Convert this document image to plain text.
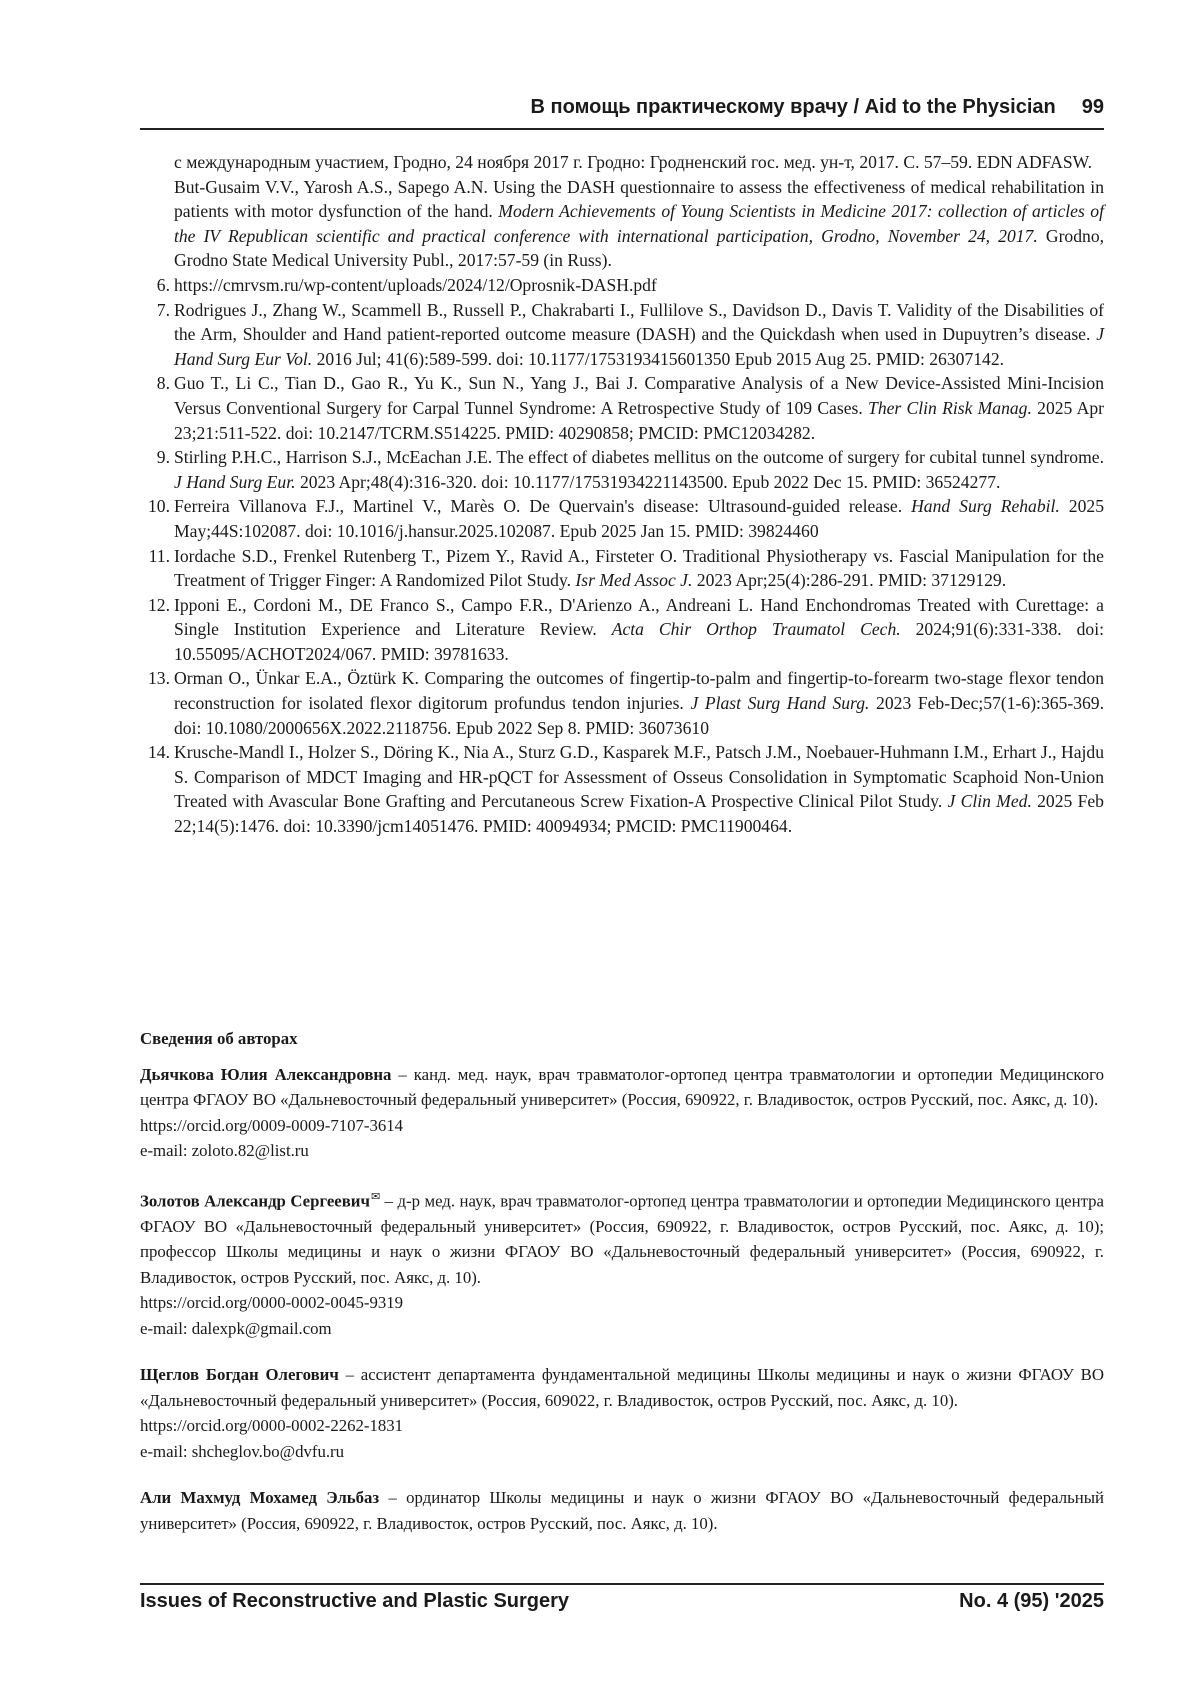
В помощь практическому врачу / Aid to the Physician 99
с международным участием, Гродно, 24 ноября 2017 г. Гродно: Гродненский гос. мед. ун-т, 2017. С. 57–59. EDN ADFASW.
But-Gusaim V.V., Yarosh A.S., Sapego A.N. Using the DASH questionnaire to assess the effectiveness of medical rehabilitation in patients with motor dysfunction of the hand. Modern Achievements of Young Scientists in Medicine 2017: collection of articles of the IV Republican scientific and practical conference with international participation, Grodno, November 24, 2017. Grodno, Grodno State Medical University Publ., 2017:57-59 (in Russ).
6. https://cmrvsm.ru/wp-content/uploads/2024/12/Oprosnik-DASH.pdf
7. Rodrigues J., Zhang W., Scammell B., Russell P., Chakrabarti I., Fullilove S., Davidson D., Davis T. Validity of the Disabilities of the Arm, Shoulder and Hand patient-reported outcome measure (DASH) and the Quickdash when used in Dupuytren’s disease. J Hand Surg Eur Vol. 2016 Jul; 41(6):589-599. doi: 10.1177/1753193415601350 Epub 2015 Aug 25. PMID: 26307142.
8. Guo T., Li C., Tian D., Gao R., Yu K., Sun N., Yang J., Bai J. Comparative Analysis of a New Device-Assisted Mini-Incision Versus Conventional Surgery for Carpal Tunnel Syndrome: A Retrospective Study of 109 Cases. Ther Clin Risk Manag. 2025 Apr 23;21:511-522. doi: 10.2147/TCRM.S514225. PMID: 40290858; PMCID: PMC12034282.
9. Stirling P.H.C., Harrison S.J., McEachan J.E. The effect of diabetes mellitus on the outcome of surgery for cubital tunnel syndrome. J Hand Surg Eur. 2023 Apr;48(4):316-320. doi: 10.1177/17531934221143500. Epub 2022 Dec 15. PMID: 36524277.
10. Ferreira Villanova F.J., Martinel V., Marès O. De Quervain's disease: Ultrasound-guided release. Hand Surg Rehabil. 2025 May;44S:102087. doi: 10.1016/j.hansur.2025.102087. Epub 2025 Jan 15. PMID: 39824460
11. Iordache S.D., Frenkel Rutenberg T., Pizem Y., Ravid A., Firsteter O. Traditional Physiotherapy vs. Fascial Manipulation for the Treatment of Trigger Finger: A Randomized Pilot Study. Isr Med Assoc J. 2023 Apr;25(4):286-291. PMID: 37129129.
12. Ipponi E., Cordoni M., DE Franco S., Campo F.R., D'Arienzo A., Andreani L. Hand Enchondromas Treated with Curettage: a Single Institution Experience and Literature Review. Acta Chir Orthop Traumatol Cech. 2024;91(6):331-338. doi: 10.55095/ACHOT2024/067. PMID: 39781633.
13. Orman O., Ünkar E.A., Öztürk K. Comparing the outcomes of fingertip-to-palm and fingertip-to-forearm two-stage flexor tendon reconstruction for isolated flexor digitorum profundus tendon injuries. J Plast Surg Hand Surg. 2023 Feb-Dec;57(1-6):365-369. doi: 10.1080/2000656X.2022.2118756. Epub 2022 Sep 8. PMID: 36073610
14. Krusche-Mandl I., Holzer S., Döring K., Nia A., Sturz G.D., Kasparek M.F., Patsch J.M., Noebauer-Huhmann I.M., Erhart J., Hajdu S. Comparison of MDCT Imaging and HR-pQCT for Assessment of Osseus Consolidation in Symptomatic Scaphoid Non-Union Treated with Avascular Bone Grafting and Percutaneous Screw Fixation-A Prospective Clinical Pilot Study. J Clin Med. 2025 Feb 22;14(5):1476. doi: 10.3390/jcm14051476. PMID: 40094934; PMCID: PMC11900464.
Сведения об авторах
Дьячкова Юлия Александровна – канд. мед. наук, врач травматолог-ортопед центра травматологии и ортопедии Медицинского центра ФГАОУ ВО «Дальневосточный федеральный университет» (Россия, 690922, г. Владивосток, остров Русский, пос. Аякс, д. 10).
https://orcid.org/0009-0009-7107-3614
e-mail: zoloto.82@list.ru
Золотов Александр Сергеевич✉ – д-р мед. наук, врач травматолог-ортопед центра травматологии и ортопедии Медицинского центра ФГАОУ ВО «Дальневосточный федеральный университет» (Россия, 690922, г. Владивосток, остров Русский, пос. Аякс, д. 10); профессор Школы медицины и наук о жизни ФГАОУ ВО «Дальневосточный федеральный университет» (Россия, 690922, г. Владивосток, остров Русский, пос. Аякс, д. 10).
https://orcid.org/0000-0002-0045-9319
e-mail: dalexpk@gmail.com
Щеглов Богдан Олегович – ассистент департамента фундаментальной медицины Школы медицины и наук о жизни ФГАОУ ВО «Дальневосточный федеральный университет» (Россия, 609022, г. Владивосток, остров Русский, пос. Аякс, д. 10).
https://orcid.org/0000-0002-2262-1831
e-mail: shcheglov.bo@dvfu.ru
Али Махмуд Мохамед Эльбаз – ординатор Школы медицины и наук о жизни ФГАОУ ВО «Дальневосточный федеральный университет» (Россия, 690922, г. Владивосток, остров Русский, пос. Аякс, д. 10).
Issues of Reconstructive and Plastic Surgery	No. 4 (95) '2025
